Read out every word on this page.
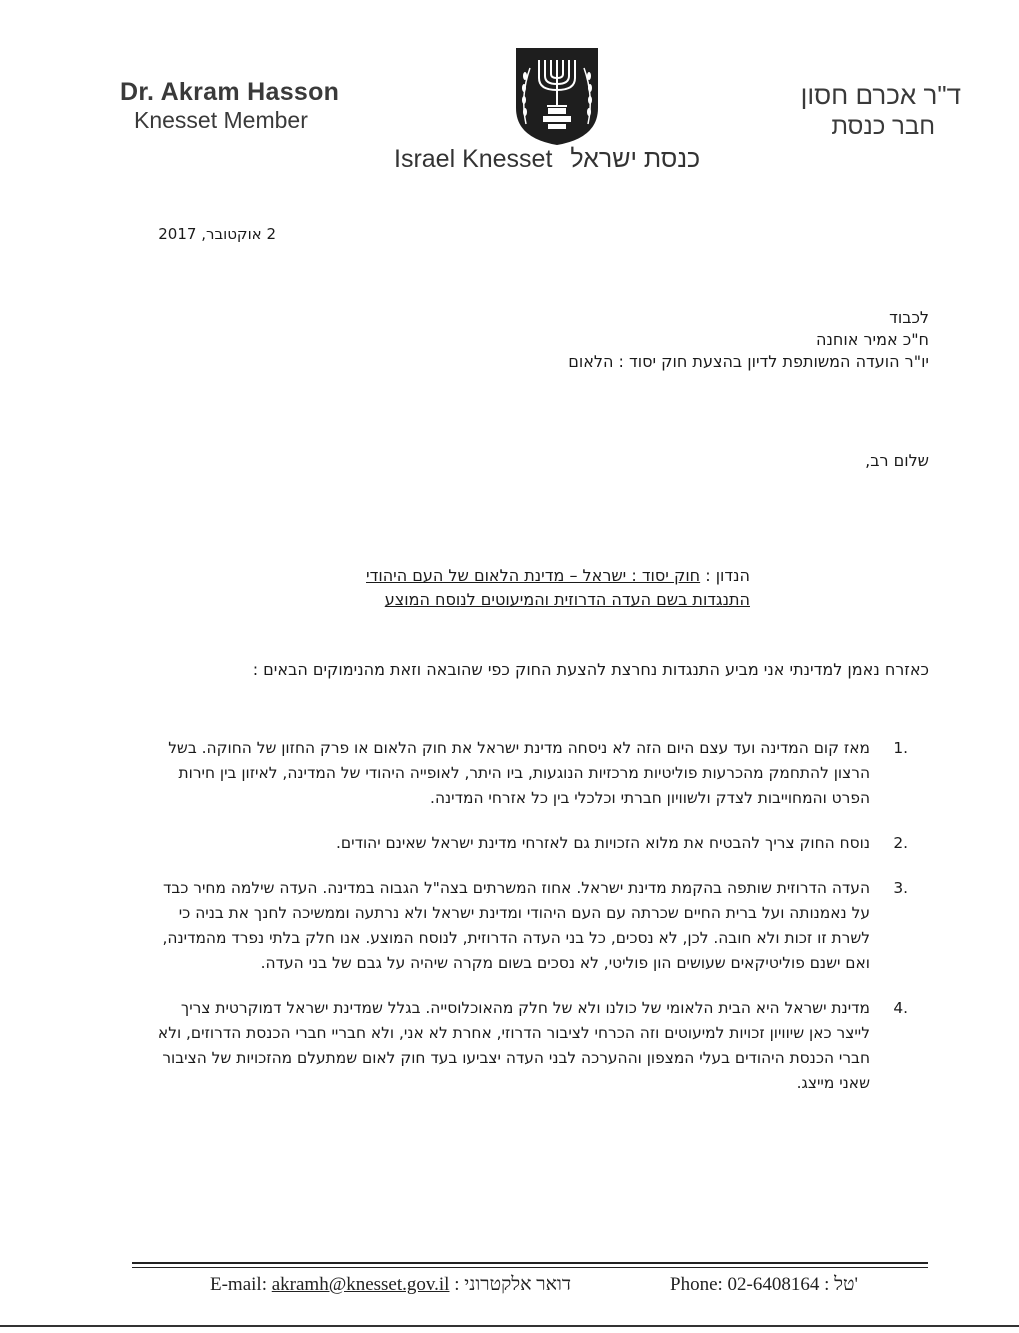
Dr. Akram Hasson
Knesset Member
ד"ר אכרם חסון
חבר כנסת
Israel Knesset כנסת ישראל
2 אוקטובר, 2017
לכבוד
ח"כ אמיר אוחנה
יו"ר הועדה המשותפת לדיון בהצעת חוק יסוד : הלאום
שלום רב,
הנדון : חוק יסוד : ישראל – מדינת הלאום של העם היהודי
התנגדות בשם העדה הדרוזית והמיעוטים לנוסח המוצע
כאזרח נאמן למדינתי אני מביע התנגדות נחרצת להצעת החוק כפי שהובאה וזאת מהנימוקים הבאים :
1.
מאז קום המדינה ועד עצם היום הזה לא ניסחה מדינת ישראל את חוק הלאום או פרק החזון של החוקה. בשל הרצון להתחמק מהכרעות פוליטיות מרכזיות הנוגעות, ביו היתר, לאופייה היהודי של המדינה, לאיזון בין חירות הפרט והמחוייבות לצדק ולשוויון חברתי וכלכלי בין כל אזרחי המדינה.
2.
נוסח החוק צריך להבטיח את מלוא הזכויות גם לאזרחי מדינת ישראל שאינם יהודים.
3.
העדה הדרוזית שותפה בהקמת מדינת ישראל. אחוז המשרתים בצה"ל הגבוה במדינה. העדה שילמה מחיר כבד על נאמנותה ועל ברית החיים שכרתה עם העם היהודי ומדינת ישראל ולא נרתעה וממשיכה לחנך את בניה כי לשרת זו זכות ולא חובה. לכן, לא נסכים, כל בני העדה הדרוזית, לנוסח המוצע. אנו חלק בלתי נפרד מהמדינה, ואם ישנם פוליטיקאים שעושים הון פוליטי, לא נסכים בשום מקרה שיהיה על גבם של בני העדה.
4.
מדינת ישראל היא הבית הלאומי של כולנו ולא של חלק מהאוכלוסייה. בגלל שמדינת ישראל דמוקרטית צריך לייצר כאן שיוויון זכויות למיעוטים וזה הכרחי לציבור הדרוזי, אחרת לא אני, ולא חבריי חברי הכנסת הדרוזים, ולא חברי הכנסת היהודים בעלי המצפון וההערכה לבני העדה יצביעו בעד חוק לאום שמתעלם מהזכויות של הציבור שאני מייצג.
E-mail: akramh@knesset.gov.il : דואר אלקטרוני	Phone: 02-6408164 : טל'
